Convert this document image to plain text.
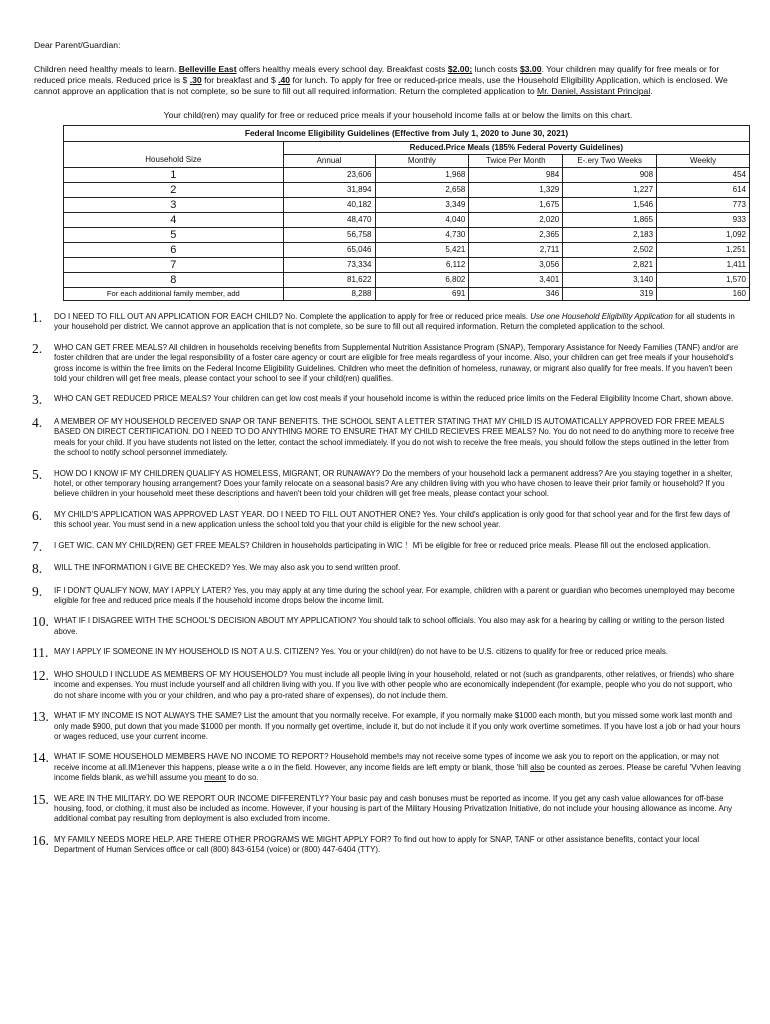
Dear Parent/Guardian:

Children need healthy meals to learn. Belleville East offers healthy meals every school day. Breakfast costs $2.00; lunch costs $3.00. Your children may qualify for free meals or for reduced price meals. Reduced price is $ .30 for breakfast and $ .40 for lunch. To apply for free or reduced-price meals, use the Household Eligibility Application, which is enclosed. We cannot approve an application that is not complete, so be sure to fill out all required information. Return the completed application to Mr. Daniel, Assistant Principal.

Your child(ren) may qualify for free or reduced price meals if your household income falls at or below the limits on this chart.

Federal Income Eligibility Guidelines (Effective from July 1, 2020 to June 30, 2021)					
	Reduced.Price Meals (185% Federal Poverty Guidelines)				
Household Size	Annual	Monthly	Twice Per Month	E-.ery Two Weeks	Weekly
1	23,606	1,968	984	908	454
2	31,894	2,658	1,329	1,227	614
3	40,182	3,349	1,675	1,546	773
4	48,470	4,040	2,020	1,865	933
5	56,758	4,730	2,365	2,183	1,092
6	65,046	5,421	2,711	2,502	1,251
7	73,334	6,112	3,056	2,821	1,411
8	81,622	6,802	3,401	3,140	1,570
For each additional family member, add	8,288	691	346	319	160
1.	DO I NEED TO FILL OUT AN APPLICATION FOR EACH CHILD? No. Complete the application to apply for free or reduced price meals. Use one Household Eligibility Application for all students in your household per district. We cannot approve an application that is not complete, so be sure to fill out all required information. Return the completed application to the school.
2.	WHO CAN GET FREE MEALS? All children in households receiving benefits from Supplemental Nutrition Assistance Program (SNAP), Temporary Assistance for Needy Families (TANF) and/or are foster children that are under the legal responsibility of a foster care agency or court are eligible for free meals regardless of your income. Also, your children can get free meals if your household's gross income is within the free limits on the Federal Income Eligibility Guidelines. Children who meet the definition of homeless, runaway, or migrant also qualify for free meals. If you haven't been told your children will get free meals, please contact your school to see if your child(ren) qualifies.
3.	WHO CAN GET REDUCED PRICE MEALS? Your children can get low cost meals if your household income is within the reduced price limits on the Federal Eligibility Income Chart, shown above.
4.	A MEMBER OF MY HOUSEHOLD RECEIVED SNAP OR TANF BENEFITS. THE SCHOOL SENT A LETTER STATING THAT MY CHILD IS AUTOMATICALLY APPROVED FOR FREE MEALS BASED ON DIRECT CERTIFICATION. DO I NEED TO DO ANYTHING MORE TO ENSURE THAT MY CHILD RECIEVES FREE MEALS? No. You do not need to do anything more to receive free meals for your child. If you have students not listed on the letter, contact the school immediately. If you do not wish to receive the free meals, you should follow the steps outlined in the letter from the school to notify school personnel immediately.
5.	HOW DO I KNOW IF MY CHILDREN QUALIFY AS HOMELESS, MIGRANT, OR RUNAWAY? Do the members of your household lack a permanent address? Are you staying together in a shelter, hotel, or other temporary housing arrangement? Does your family relocate on a seasonal basis? Are any children living with you who have chosen to leave their prior family or household? If you believe children in your household meet these descriptions and haven't been told your children will get free meals, please contact your school.
6.	MY CHILD'S APPLICATION WAS APPROVED LAST YEAR. DO I NEED TO FILL OUT ANOTHER ONE? Yes. Your child's application is only good for that school year and for the first few days of this school year. You must send in a new application unless the school told you that your child is eligible for the new school year.
7.	I GET WIC. CAN MY CHILD(REN) GET FREE MEALS? Children in households participating in WIC ！M'i be eligible for free or reduced price meals. Please fill out the enclosed application.
8.	WILL THE INFORMATION I GIVE BE CHECKED? Yes. We may also ask you to send written proof.
9.	IF I DON'T QUALIFY NOW, MAY I APPLY LATER? Yes, you may apply at any time during the school year. For example, children with a parent or guardian who becomes unemployed may become eligible for free and reduced price meals if the household income drops below the income limit.
10. WHAT IF I DISAGREE WITH THE SCHOOL'S DECISION ABOUT MY APPLICATION? You should talk to school officials. You also may ask for a hearing by calling or writing to the person listed above.
11. MAY I APPLY IF SOMEONE IN MY HOUSEHOLD IS NOT A U.S. CITIZEN? Yes. You or your child(ren) do not have to be U.S. citizens to qualify for free or reduced price meals.
12. WHO SHOULD I INCLUDE AS MEMBERS OF MY HOUSEHOLD? You must include all people living in your household, related or not (such as grandparents, other relatives, or friends) who share income and expenses. You must include yourself and all children living with you. If you live with other people who are economically independent (for example, people who you do not support, who do not share income with you or your children, and who pay a pro-rated share of expenses), do not include them.
13. WHAT IF MY INCOME IS NOT ALWAYS THE SAME? List the amount that you normally receive. For example, if you normally make $1000 each month, but you missed some work last month and only made $900, put down that you made $1000 per month. If you normally get overtime, include it, but do not include it if you only work overtime sometimes. If you have lost a job or had your hours or wages reduced, use your current income.
14. WHAT IF SOME HOUSEHOLD MEMBERS HAVE NO INCOME TO REPORT? Household membe!s may not receive some types of income we ask you to report on the application, or may not receive income at all.IM1enever this happens, please write a o in the field. However, any income fields are left empty or blank, those 'hill also be counted as zeroes. Please be careful 'Vvhen leaving income fields blank, as we'hill assume you meant to do so.
15. WE ARE IN THE MILITARY. DO WE REPORT OUR INCOME DIFFERENTLY? Your basic pay and cash bonuses must be reported as income. If you get any cash value allowances for off-base housing, food, or clothing, it must also be included as income. However, if your housing is part of the Military Housing Privatization Initiative, do not include your housing allowance as income. Any additional combat pay resulting from deployment is also excluded from income.
16. MY FAMILY NEEDS MORE HELP. ARE THERE OTHER PROGRAMS WE MIGHT APPLY FOR? To find out how to apply for SNAP, TANF or other assistance benefits, contact your local Department of Human Services office or call (800) 843-6154 (voice) or (800) 447-6404 (TTY).
